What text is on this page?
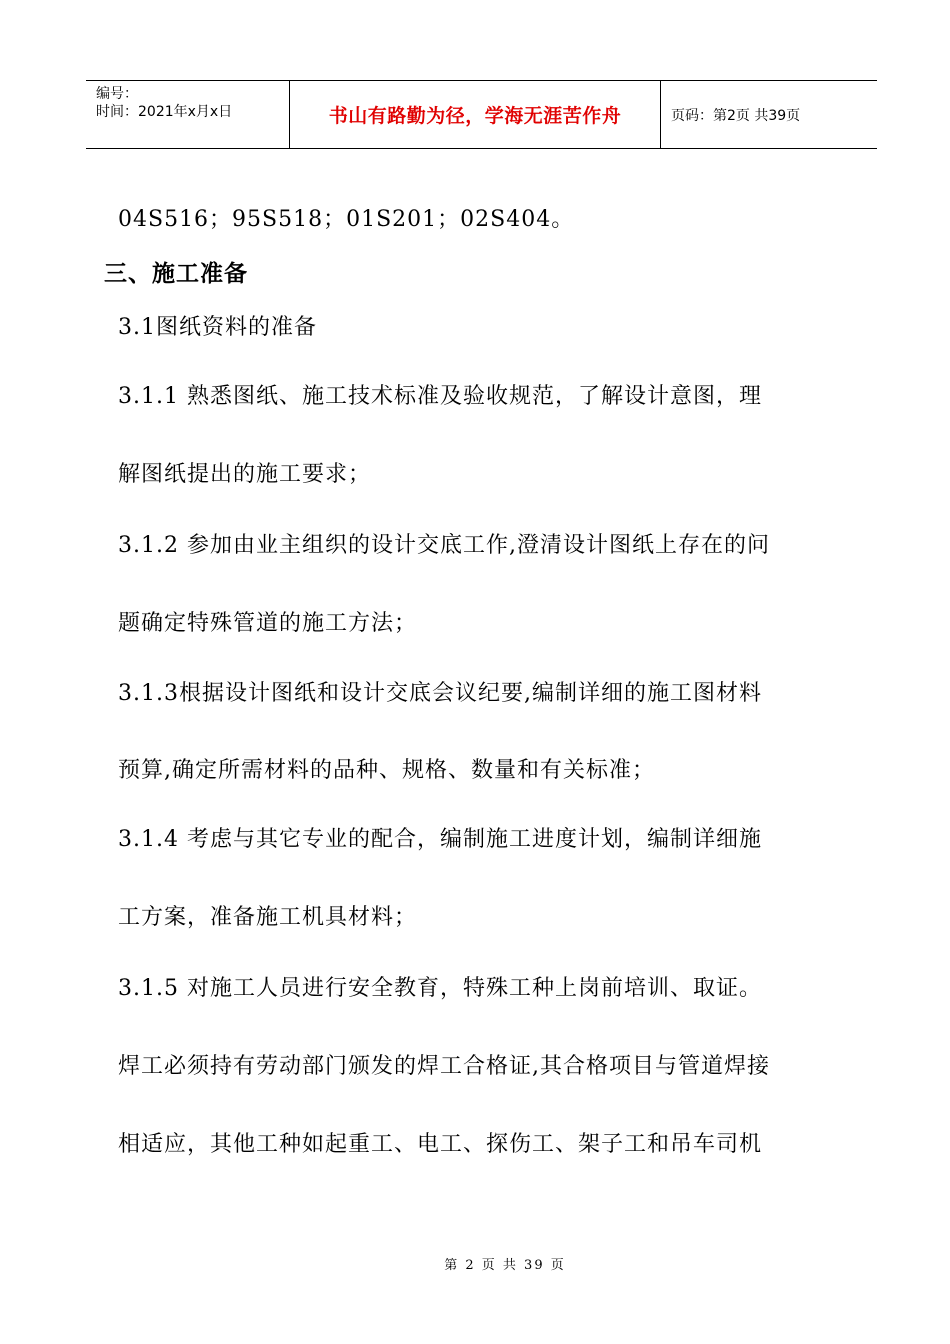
编号：
时间：2021年x月x日	书山有路勤为径，学海无涯苦作舟	页码：第2页 共39页
04S516；95S518；01S201；02S404。
三、施工准备
3.1图纸资料的准备
3.1.1 熟悉图纸、施工技术标准及验收规范，了解设计意图，理
解图纸提出的施工要求；
3.1.2 参加由业主组织的设计交底工作,澄清设计图纸上存在的问
题确定特殊管道的施工方法；
3.1.3根据设计图纸和设计交底会议纪要,编制详细的施工图材料
预算,确定所需材料的品种、规格、数量和有关标准；
3.1.4 考虑与其它专业的配合，编制施工进度计划，编制详细施
工方案，准备施工机具材料；
3.1.5 对施工人员进行安全教育，特殊工种上岗前培训、取证。
焊工必须持有劳动部门颁发的焊工合格证,其合格项目与管道焊接
相适应，其他工种如起重工、电工、探伤工、架子工和吊车司机
第 2 页 共 39 页
